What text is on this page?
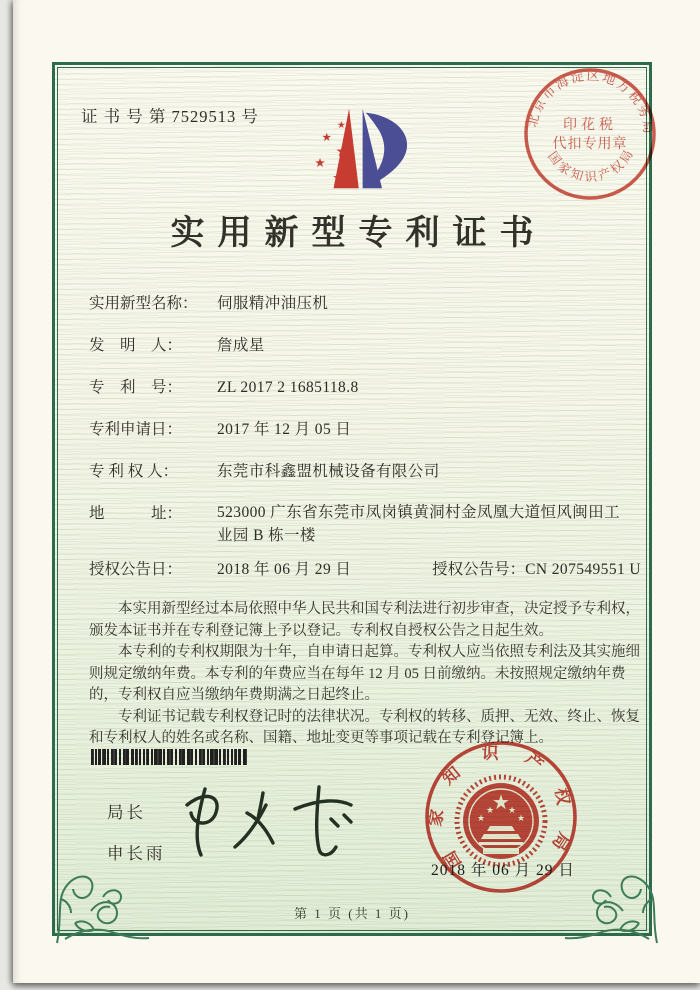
证 书 号 第 7529513 号	★
★
★
★
★
北京市海淀区地方税务局
国家知识产权局
印花税
代扣专用章
实用新型专利证书
实用新型名称： 伺服精冲油压机
发　明　人： 詹成星
专　利　号： ZL 2017 2 1685118.8
专利申请日： 2017 年 12 月 05 日
专 利 权 人：	东莞市科鑫盟机械设备有限公司
地　　　址： 523000 广东省东莞市凤岗镇黄洞村金凤凰大道恒风闽田工业园 B 栋一楼
授权公告日： 2018 年 06 月 29 日	授权公告号：CN 207549551 U

本实用新型经过本局依照中华人民共和国专利法进行初步审查，决定授予专利权，颁发本证书并在专利登记簿上予以登记。专利权自授权公告之日起生效。

本专利的专利权期限为十年，自申请日起算。专利权人应当依照专利法及其实施细则规定缴纳年费。本专利的年费应当在每年 12 月 05 日前缴纳。未按照规定缴纳年费的，专利权自应当缴纳年费期满之日起终止。

专利证书记载专利权登记时的法律状况。专利权的转移、质押、无效、终止、恢复和专利权人的姓名或名称、国籍、地址变更等事项记载在专利登记簿上。

局长
申长雨	国家知识产权局
★
★
★ ★
★
2018 年 06 月 29 日
第 1 页 (共 1 页)
